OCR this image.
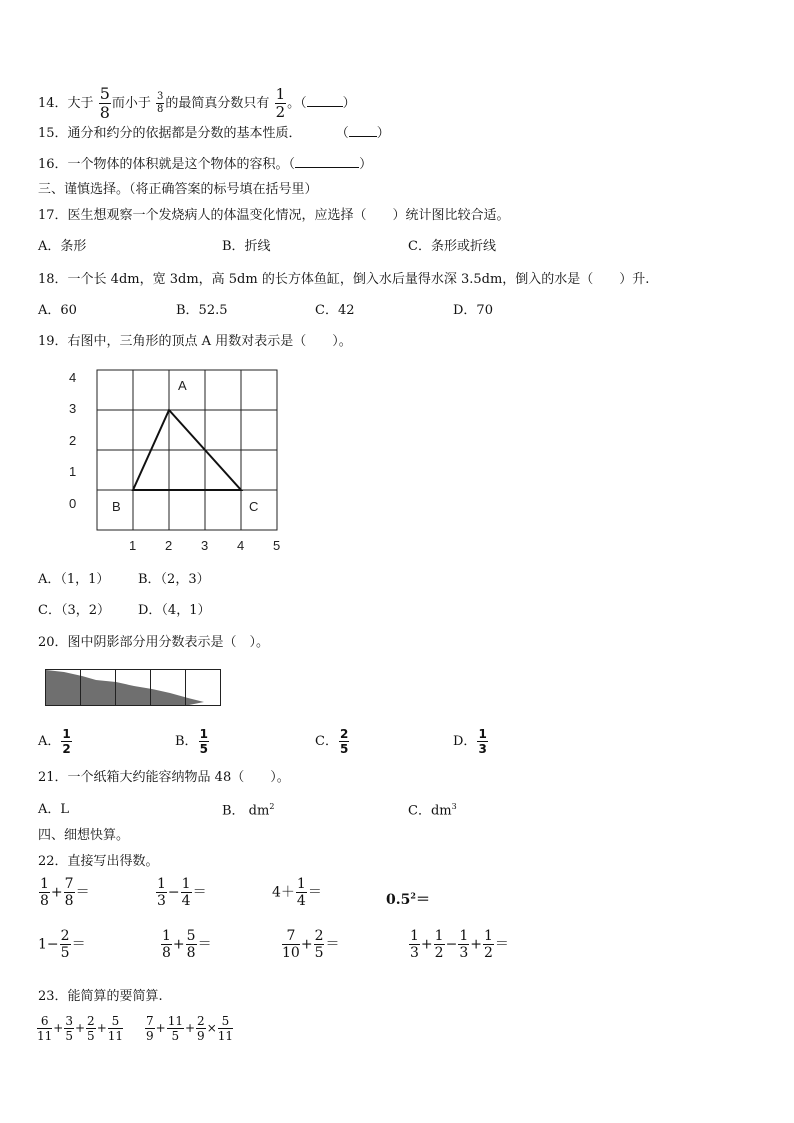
14．大于 $\frac{5}{8}$ 而小于 $\frac{3}{8}$ 的最简真分数只有 $\frac{1}{2}$ 。（	）
15．通分和约分的依据都是分数的基本性质．	（ ）
16．一个物体的体积就是这个物体的容积。（	）
三、谨慎选择。（将正确答案的标号填在括号里）
17．医生想观察一个发烧病人的体温变化情况，应选择（　　）统计图比较合适。
A．条形	B．折线	C．条形或折线
18．一个长 4dm，宽 3dm，高 5dm 的长方体鱼缸，倒入水后量得水深 3.5dm，倒入的水是（　　）升.
A．60	B．52.5	C．42	D．70
19．右图中，三角形的顶点 A 用数对表示是（　　）。
4
3
2
1
0
1 2 3 4 5
A
B	C
A．（1，1） B．（2，3）
C．（3，2） D．（4，1）
20．图中阴影部分用分数表示是（　）。
A． $\frac{1}{2}$	B． $\frac{1}{5}$	C． $\frac{2}{5}$	D． $\frac{1}{3}$
21．一个纸箱大约能容纳物品 48（　　）。
A．L	B． $dm^2$	C．$dm^3$
四、细想快算。
22．直接写出得数。
$\frac{1}{8} + \frac{7}{8}$ ＝	$\frac{1}{3} - \frac{1}{4}$ ＝	$4+ \frac{1}{4}$ ＝	$0.5^2=$
$1- \frac{2}{5}$ ＝	$\frac{1}{8} + \frac{5}{8}$ ＝	$\frac{7}{10} + \frac{2}{5}$ ＝	$\frac{1}{3} + \frac{1}{2} - \frac{1}{3} + \frac{1}{2}$ ＝
23．能简算的要简算.
$\frac{6}{11} + \frac{3}{5} + \frac{2}{5} + \frac{5}{11} \frac{7}{9} + \frac{11}{5} + \frac{2}{9} \times \frac{5}{11}$
